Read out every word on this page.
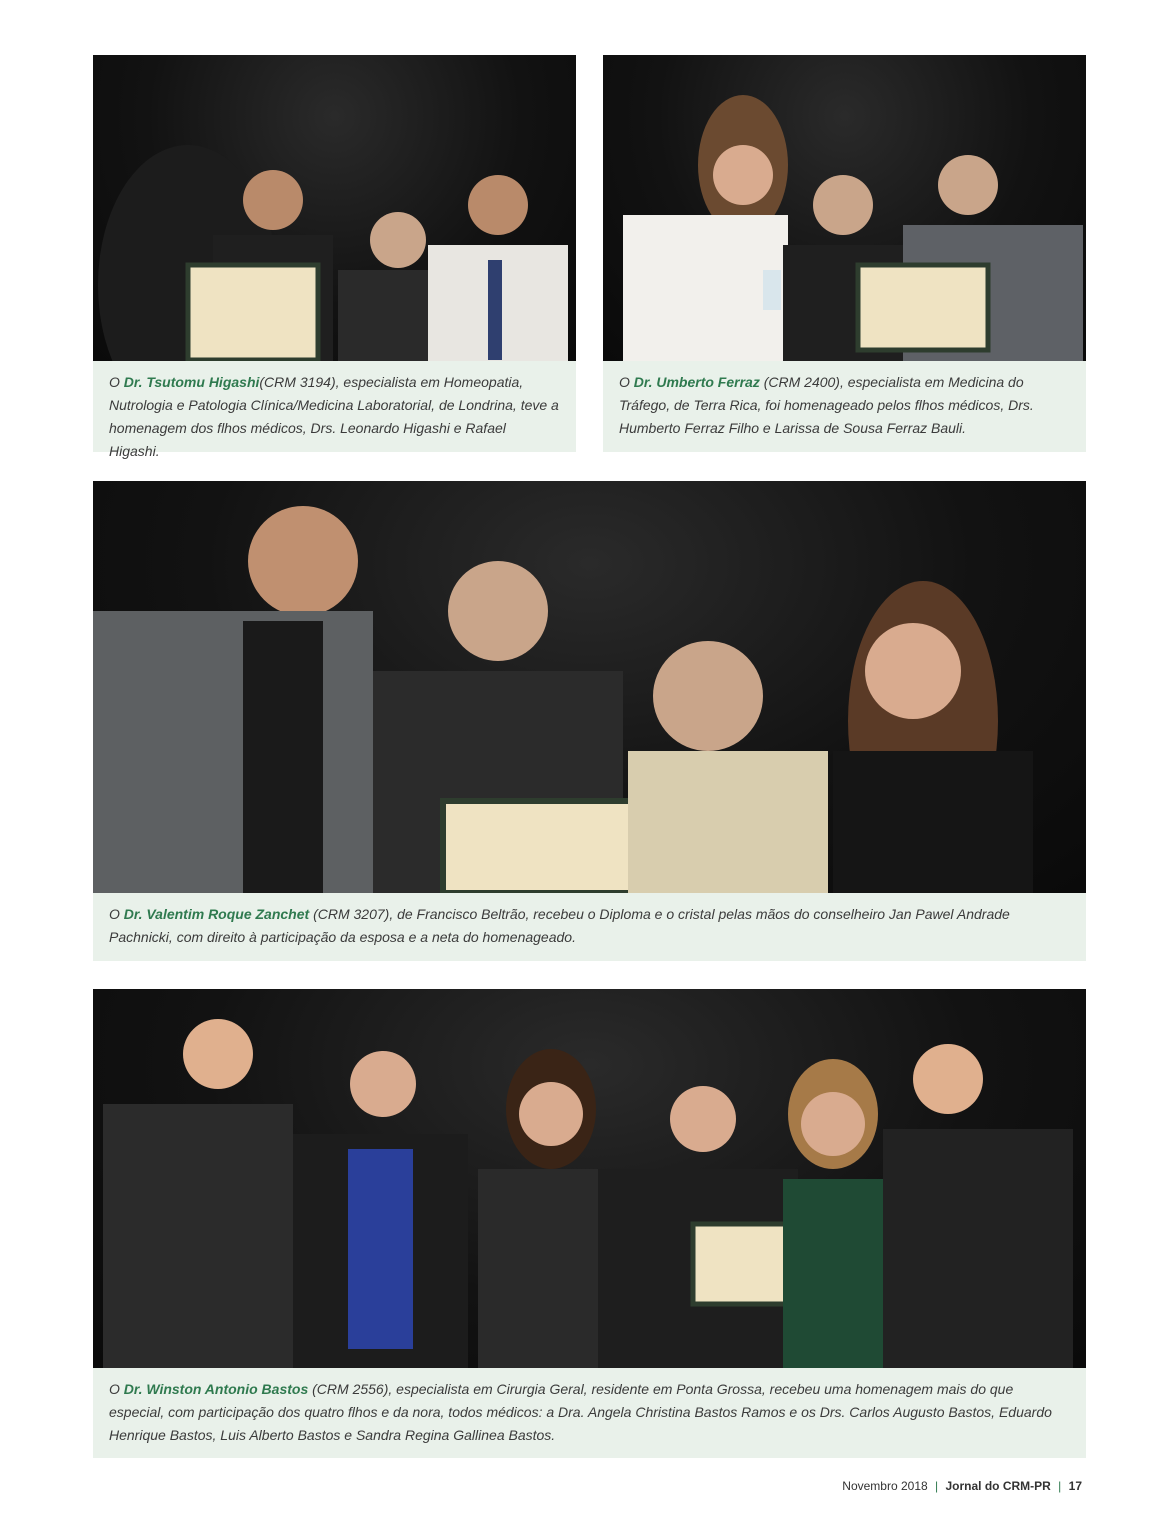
O Dr. Tsutomu Higashi(CRM 3194), especialista em Homeopatia, Nutrologia e Patologia Clínica/Medicina Laboratorial, de Londrina, teve a homenagem dos flhos médicos, Drs. Leonardo Higashi e Rafael Higashi.
O Dr. Umberto Ferraz (CRM 2400), especialista em Medicina do Tráfego, de Terra Rica, foi homenageado pelos flhos médicos, Drs. Humberto Ferraz Filho e Larissa de Sousa Ferraz Bauli.
O Dr. Valentim Roque Zanchet (CRM 3207), de Francisco Beltrão, recebeu o Diploma e o cristal pelas mãos do conselheiro Jan Pawel Andrade Pachnicki, com direito à participação da esposa e a neta do homenageado.
O Dr. Winston Antonio Bastos (CRM 2556), especialista em Cirurgia Geral, residente em Ponta Grossa, recebeu uma homenagem mais do que especial, com participação dos quatro flhos e da nora, todos médicos: a Dra. Angela Christina Bastos Ramos e os Drs. Carlos Augusto Bastos, Eduardo Henrique Bastos, Luis Alberto Bastos e Sandra Regina Gallinea Bastos.
Novembro 2018 | Jornal do CRM-PR | 17
